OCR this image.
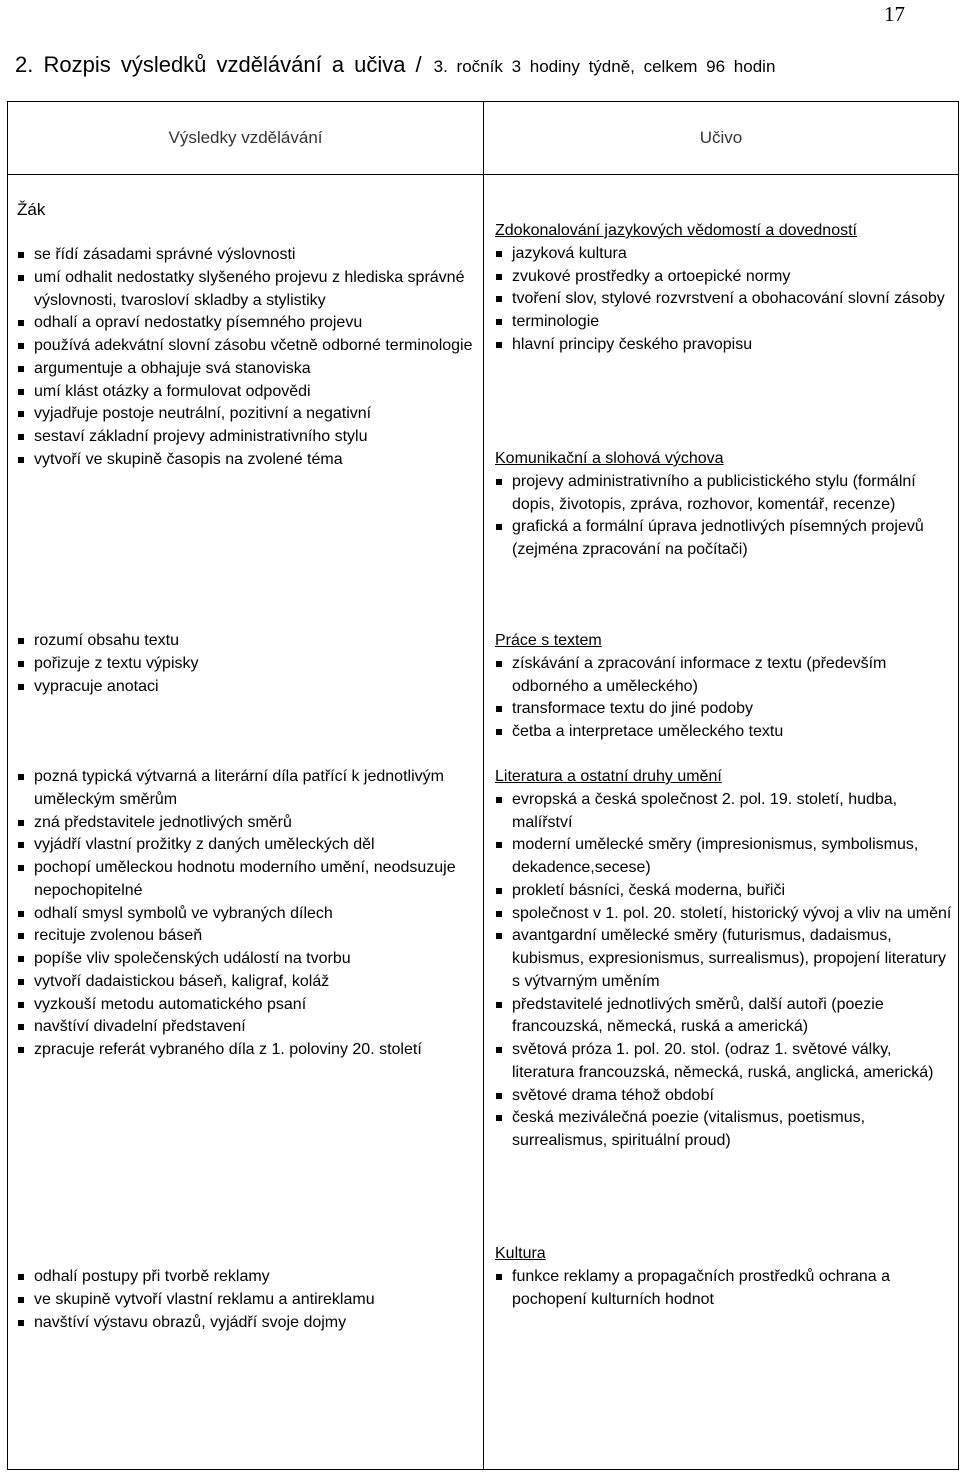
17
2. Rozpis výsledků vzdělávání a učiva / 3. ročník 3 hodiny týdně, celkem 96 hodin
Výsledky vzdělávání	Učivo
Žák
se řídí zásadami správné výslovnosti
umí odhalit nedostatky slyšeného projevu z hlediska správné výslovnosti, tvarosloví skladby a stylistiky
odhalí a opraví nedostatky písemného projevu
používá adekvátní slovní zásobu včetně odborné terminologie
argumentuje a obhajuje svá stanoviska
umí klást otázky a formulovat odpovědi
vyjadřuje postoje neutrální, pozitivní a negativní
sestaví základní projevy administrativního stylu
vytvoří ve skupině časopis na zvolené téma
rozumí obsahu textu
pořizuje z textu výpisky
vypracuje anotaci
pozná typická výtvarná a literární díla patřící k jednotlivým uměleckým směrům
zná představitele jednotlivých směrů
vyjádří vlastní prožitky z daných uměleckých děl
pochopí uměleckou hodnotu moderního umění, neodsuzuje nepochopitelné
odhalí smysl symbolů ve vybraných dílech
recituje zvolenou báseň
popíše vliv společenských událostí na tvorbu
vytvoří dadaistickou báseň, kaligraf, koláž
vyzkouší metodu automatického psaní
navštíví divadelní představení
zpracuje referát vybraného díla z 1. poloviny 20. století
odhalí postupy při tvorbě reklamy
ve skupině vytvoří vlastní reklamu a antireklamu
navštíví výstavu obrazů, vyjádří svoje dojmy
Zdokonalování jazykových vědomostí a dovedností
jazyková kultura
zvukové prostředky a ortoepické normy
tvoření slov, stylové rozvrstvení a obohacování slovní zásoby
terminologie
hlavní principy českého pravopisu
Komunikační a slohová výchova
projevy administrativního a publicistického stylu (formální dopis, životopis, zpráva, rozhovor, komentář, recenze)
grafická a formální úprava jednotlivých písemných projevů (zejména zpracování na počítači)
Práce s textem
získávání a zpracování informace z textu (především odborného a uměleckého)
transformace textu do jiné podoby
četba a interpretace uměleckého textu
Literatura a ostatní druhy umění
evropská a česká společnost 2. pol. 19. století, hudba, malířství
moderní umělecké směry (impresionismus, symbolismus, dekadence,secese)
prokletí básníci, česká moderna, buřiči
společnost v 1. pol. 20. století, historický vývoj a vliv na umění
avantgardní umělecké směry (futurismus, dadaismus, kubismus, expresionismus, surrealismus), propojení literatury s výtvarným uměním
představitelé jednotlivých směrů, další autoři (poezie francouzská, německá, ruská a americká)
světová próza 1. pol. 20. stol. (odraz 1. světové války, literatura francouzská, německá, ruská, anglická, americká)
světové drama téhož období
česká meziválečná poezie (vitalismus, poetismus, surrealismus, spirituální proud)
Kultura
funkce reklamy a propagačních prostředků ochrana a pochopení kulturních hodnot
